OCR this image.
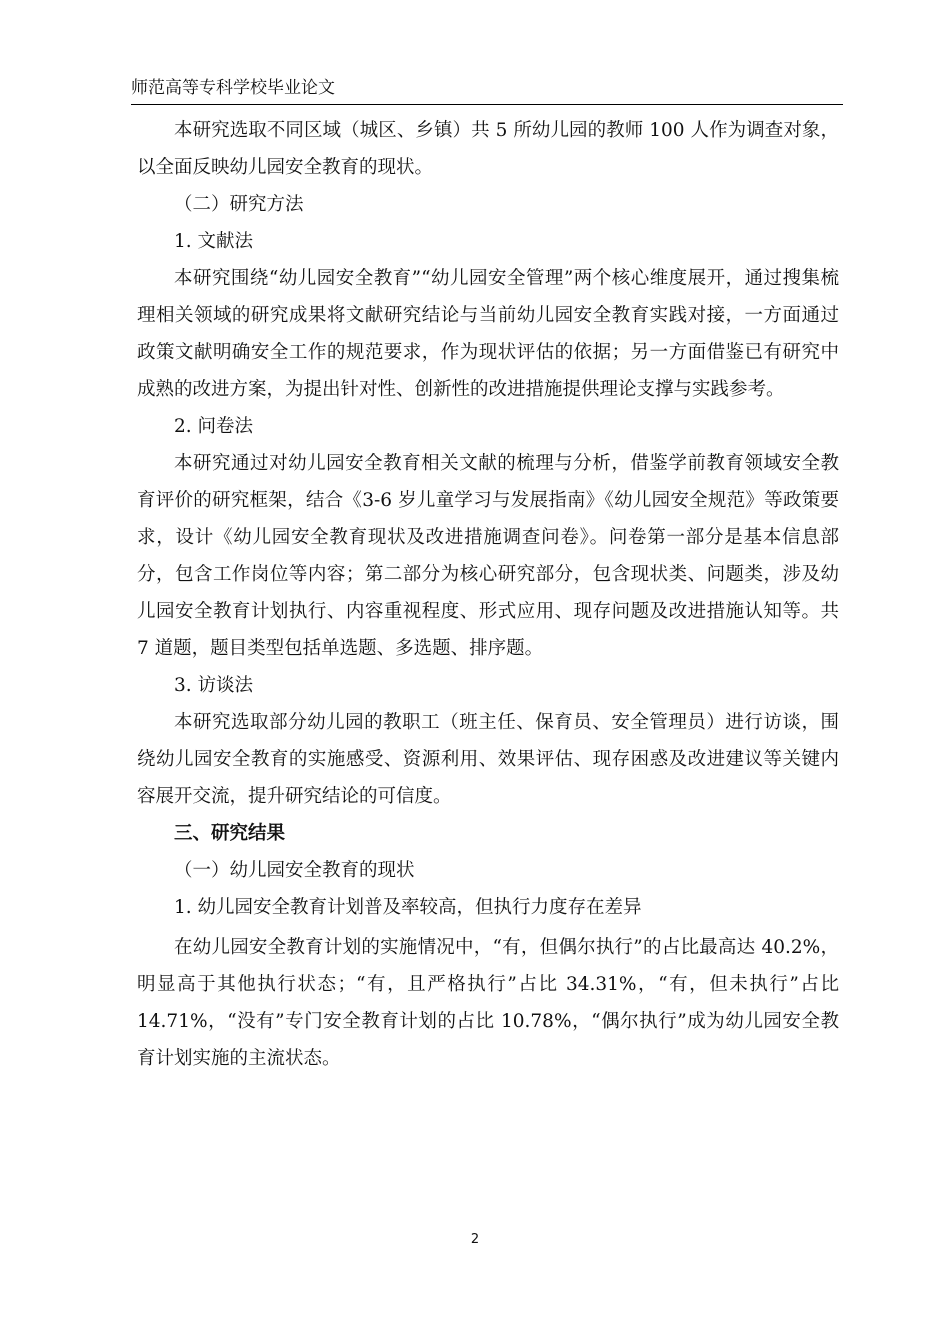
师范高等专科学校毕业论文

本研究选取不同区域（城区、乡镇）共 5 所幼儿园的教师 100 人作为调查对象，以全面反映幼儿园安全教育的现状。

（二）研究方法

1. 文献法

本研究围绕“幼儿园安全教育”“幼儿园安全管理”两个核心维度展开，通过搜集梳理相关领域的研究成果将文献研究结论与当前幼儿园安全教育实践对接，一方面通过政策文献明确安全工作的规范要求，作为现状评估的依据；另一方面借鉴已有研究中成熟的改进方案，为提出针对性、创新性的改进措施提供理论支撑与实践参考。

2. 问卷法

本研究通过对幼儿园安全教育相关文献的梳理与分析，借鉴学前教育领域安全教育评价的研究框架，结合《3-6 岁儿童学习与发展指南》《幼儿园安全规范》等政策要求，设计《幼儿园安全教育现状及改进措施调查问卷》。问卷第一部分是基本信息部分，包含工作岗位等内容；第二部分为核心研究部分，包含现状类、问题类，涉及幼儿园安全教育计划执行、内容重视程度、形式应用、现存问题及改进措施认知等。共 7 道题，题目类型包括单选题、多选题、排序题。

3. 访谈法

本研究选取部分幼儿园的教职工（班主任、保育员、安全管理员）进行访谈，围绕幼儿园安全教育的实施感受、资源利用、效果评估、现存困惑及改进建议等关键内容展开交流，提升研究结论的可信度。

三、研究结果

（一）幼儿园安全教育的现状

1. 幼儿园安全教育计划普及率较高，但执行力度存在差异

在幼儿园安全教育计划的实施情况中，“有，但偶尔执行”的占比最高达 40.2%，明显高于其他执行状态；“有，且严格执行”占比 34.31%，“有，但未执行”占比 14.71%，“没有”专门安全教育计划的占比 10.78%，“偶尔执行”成为幼儿园安全教育计划实施的主流状态。

2
